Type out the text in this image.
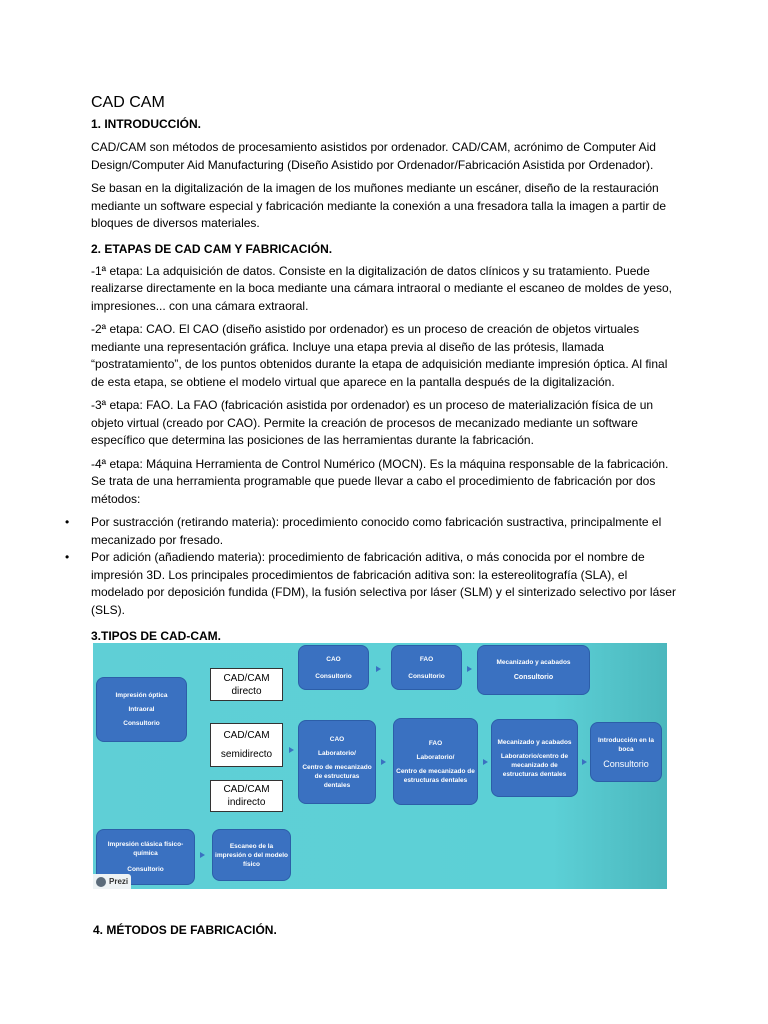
CAD CAM
1. INTRODUCCIÓN.

CAD/CAM son métodos de procesamiento asistidos por ordenador. CAD/CAM, acrónimo de Computer Aid Design/Computer Aid Manufacturing (Diseño Asistido por Ordenador/Fabricación Asistida por Ordenador).

Se basan en la digitalización de la imagen de los muñones mediante un escáner, diseño de la restauración mediante un software especial y fabricación mediante la conexión a una fresadora talla la imagen a partir de bloques de diversos materiales.

2. ETAPAS DE CAD CAM Y FABRICACIÓN.

-1ª etapa: La adquisición de datos. Consiste en la digitalización de datos clínicos y su tratamiento. Puede realizarse directamente en la boca mediante una cámara intraoral o mediante el escaneo de moldes de yeso, impresiones... con una cámara extraoral.

-2ª etapa: CAO. El CAO (diseño asistido por ordenador) es un proceso de creación de objetos virtuales mediante una representación gráfica. Incluye una etapa previa al diseño de las prótesis, llamada “postratamiento”, de los puntos obtenidos durante la etapa de adquisición mediante impresión óptica. Al final de esta etapa, se obtiene el modelo virtual que aparece en la pantalla después de la digitalización.

-3ª etapa: FAO. La FAO (fabricación asistida por ordenador) es un proceso de materialización física de un objeto virtual (creado por CAO). Permite la creación de procesos de mecanizado mediante un software específico que determina las posiciones de las herramientas durante la fabricación.

-4ª etapa: Máquina Herramienta de Control Numérico (MOCN). Es la máquina responsable de la fabricación. Se trata de una herramienta programable que puede llevar a cabo el procedimiento de fabricación por dos métodos:

• Por sustracción (retirando materia): procedimiento conocido como fabricación sustractiva, principalmente el mecanizado por fresado.
• Por adición (añadiendo materia): procedimiento de fabricación aditiva, o más conocida por el nombre de impresión 3D. Los principales procedimientos de fabricación aditiva son: la estereolitografía (SLA), el modelado por deposición fundida (FDM), la fusión selectiva por láser (SLM) y el sinterizado selectivo por láser (SLS).
3.TIPOS DE CAD-CAM.
Impresión óptica
Intraoral
Consultorio
Impresión clásica físico-química
Consultorio
Escaneo de la impresión o del modelo físico
CAD/CAM
directo
CAD/CAM
semidirecto
CAD/CAM
indirecto
CAO
Consultorio
FAO
Consultorio
Mecanizado y acabados
Consultorio
CAO
Laboratorio/
Centro de mecanizado de estructuras dentales
FAO
Laboratorio/
Centro de mecanizado de estructuras dentales
Mecanizado y acabados
Laboratorio/centro de mecanizado de estructuras dentales
Introducción en la boca
Consultorio
Prezi
4. MÉTODOS DE FABRICACIÓN.
